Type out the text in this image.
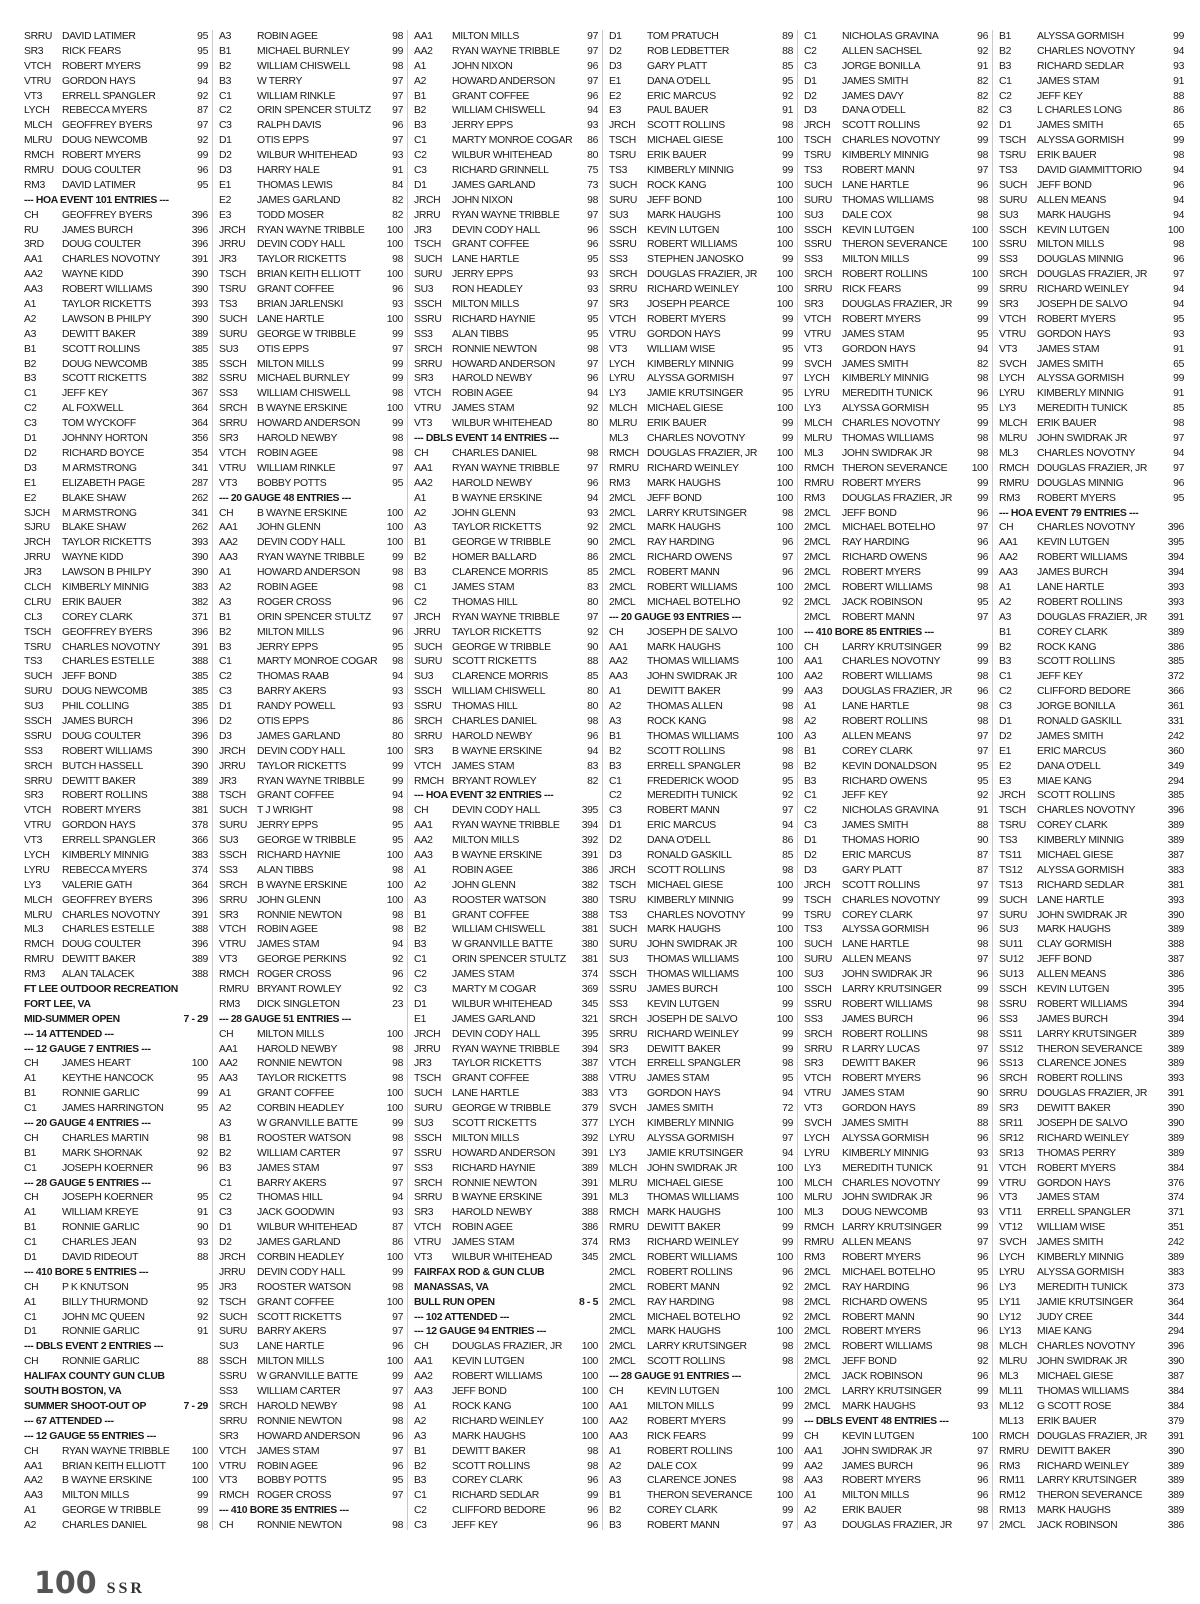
SRRU DAVID LATIMER	95
SR3	RICK FEARS	95
VTCH	ROBERT MYERS	99
VTRU	GORDON HAYS	94
VT3	ERRELL SPANGLER	92
LYCH	REBECCA MYERS	87
MLCH GEOFFREY BYERS	97
MLRU DOUG NEWCOMB	92
RMCH ROBERT MYERS	99
RMRU DOUG COULTER	96
RM3	DAVID LATIMER	95
--- HOA EVENT 101 ENTRIES ---
CH	GEOFFREY BYERS	396
RU	JAMES BURCH	396
3RD	DOUG COULTER	396
AA1	CHARLES NOVOTNY	391
AA2	WAYNE KIDD	390
AA3	ROBERT WILLIAMS	390
A1	TAYLOR RICKETTS	393
A2	LAWSON B PHILPY	390
A3	DEWITT BAKER	389
B1	SCOTT ROLLINS	385
B2	DOUG NEWCOMB	385
B3	SCOTT RICKETTS	382
C1	JEFF KEY	367
C2	AL FOXWELL	364
C3	TOM WYCKOFF	364
D1	JOHNNY HORTON	356
D2	RICHARD BOYCE	354
D3	M ARMSTRONG	341
E1	ELIZABETH PAGE	287
E2	BLAKE SHAW	262
SJCH	M ARMSTRONG	341
SJRU	BLAKE SHAW	262
JRCH	TAYLOR RICKETTS	393
JRRU	WAYNE KIDD	390
JR3	LAWSON B PHILPY	390
CLCH	KIMBERLY MINNIG	383
CLRU	ERIK BAUER	382
CL3	COREY CLARK	371
TSCH	GEOFFREY BYERS	396
TSRU	CHARLES NOVOTNY	391
TS3	CHARLES ESTELLE	388
SUCH JEFF BOND	385
SURU DOUG NEWCOMB	385
SU3	PHIL COLLING	385
SSCH	JAMES BURCH	396
SSRU	DOUG COULTER	396
SS3	ROBERT WILLIAMS	390
SRCH BUTCH HASSELL	390
SRRU DEWITT BAKER	389
SR3	ROBERT ROLLINS	388
VTCH	ROBERT MYERS	381
VTRU	GORDON HAYS	378
VT3	ERRELL SPANGLER	366
LYCH	KIMBERLY MINNIG	383
LYRU	REBECCA MYERS	374
LY3	VALERIE GATH	364
MLCH GEOFFREY BYERS	396
MLRU CHARLES NOVOTNY	391
ML3	CHARLES ESTELLE	388
RMCH DOUG COULTER	396
RMRU DEWITT BAKER	389
RM3	ALAN TALACEK	388
FT LEE OUTDOOR RECREATION
FORT LEE, VA
MID-SUMMER OPEN	7 - 29
--- 14 ATTENDED ---
--- 12 GAUGE 7 ENTRIES ---
CH	JAMES HEART	100
A1	KEYTHE HANCOCK	95
B1	RONNIE GARLIC	99
C1	JAMES HARRINGTON	95
--- 20 GAUGE 4 ENTRIES ---
CH	CHARLES MARTIN	98
B1	MARK SHORNAK	92
C1	JOSEPH KOERNER	96
--- 28 GAUGE 5 ENTRIES ---
CH	JOSEPH KOERNER	95
A1	WILLIAM KREYE	91
B1	RONNIE GARLIC	90
C1	CHARLES JEAN	93
D1	DAVID RIDEOUT	88
--- 410 BORE 5 ENTRIES ---
CH	P K KNUTSON	95
A1	BILLY THURMOND	92
C1	JOHN MC QUEEN	92
D1	RONNIE GARLIC	91
--- DBLS EVENT 2 ENTRIES ---
CH	RONNIE GARLIC	88
HALIFAX COUNTY GUN CLUB
SOUTH BOSTON, VA
SUMMER SHOOT-OUT OP	7 - 29
--- 67 ATTENDED ---
--- 12 GAUGE 55 ENTRIES ---
CH	RYAN WAYNE TRIBBLE	100
AA1	BRIAN KEITH ELLIOTT	100
AA2	B WAYNE ERSKINE	100
AA3	MILTON MILLS	99
A1	GEORGE W TRIBBLE	99
A2	CHARLES DANIEL	98
A3	ROBIN AGEE	98
B1	MICHAEL BURNLEY	99
B2	WILLIAM CHISWELL	98
B3	W TERRY	97
C1	WILLIAM RINKLE	97
C2	ORIN SPENCER STULTZ	97
C3	RALPH DAVIS	96
D1	OTIS EPPS	97
D2	WILBUR WHITEHEAD	93
D3	HARRY HALE	91
E1	THOMAS LEWIS	84
E2	JAMES GARLAND	82
E3	TODD MOSER	82
JRCH	RYAN WAYNE TRIBBLE	100
JRRU	DEVIN CODY HALL	100
JR3	TAYLOR RICKETTS	98
TSCH	BRIAN KEITH ELLIOTT	100
TSRU	GRANT COFFEE	96
TS3	BRIAN JARLENSKI	93
SUCH LANE HARTLE	100
SURU GEORGE W TRIBBLE	99
SU3	OTIS EPPS	97
SSCH	MILTON MILLS	99
SSRU	MICHAEL BURNLEY	99
SS3	WILLIAM CHISWELL	98
SRCH B WAYNE ERSKINE	100
SRRU HOWARD ANDERSON	99
SR3	HAROLD NEWBY	98
VTCH	ROBIN AGEE	98
VTRU	WILLIAM RINKLE	97
VT3	BOBBY POTTS	95
--- 20 GAUGE 48 ENTRIES ---
CH	B WAYNE ERSKINE	100
AA1	JOHN GLENN	100
AA2	DEVIN CODY HALL	100
AA3	RYAN WAYNE TRIBBLE	99
A1	HOWARD ANDERSON	98
A2	ROBIN AGEE	98
A3	ROGER CROSS	96
B1	ORIN SPENCER STULTZ	97
B2	MILTON MILLS	96
B3	JERRY EPPS	95
C1	MARTY MONROE COGAR	98
C2	THOMAS RAAB	94
C3	BARRY AKERS	93
D1	RANDY POWELL	93
D2	OTIS EPPS	86
D3	JAMES GARLAND	80
JRCH	DEVIN CODY HALL	100
JRRU	TAYLOR RICKETTS	99
JR3	RYAN WAYNE TRIBBLE	99
TSCH	GRANT COFFEE	94
SUCH T J WRIGHT	98
SURU JERRY EPPS	95
SU3	GEORGE W TRIBBLE	95
SSCH	RICHARD HAYNIE	100
SS3	ALAN TIBBS	98
SRCH B WAYNE ERSKINE	100
SRRU JOHN GLENN	100
SR3	RONNIE NEWTON	98
VTCH	ROBIN AGEE	98
VTRU	JAMES STAM	94
VT3	GEORGE PERKINS	92
RMCH ROGER CROSS	96
RMRU BRYANT ROWLEY	92
RM3	DICK SINGLETON	23
--- 28 GAUGE 51 ENTRIES ---
CH	MILTON MILLS	100
AA1	HAROLD NEWBY	98
AA2	RONNIE NEWTON	98
AA3	TAYLOR RICKETTS	98
A1	GRANT COFFEE	100
A2	CORBIN HEADLEY	100
A3	W GRANVILLE BATTE	99
B1	ROOSTER WATSON	98
B2	WILLIAM CARTER	97
B3	JAMES STAM	97
C1	BARRY AKERS	97
C2	THOMAS HILL	94
C3	JACK GOODWIN	93
D1	WILBUR WHITEHEAD	87
D2	JAMES GARLAND	86
JRCH	CORBIN HEADLEY	100
JRRU	DEVIN CODY HALL	99
JR3	ROOSTER WATSON	98
TSCH	GRANT COFFEE	100
SUCH SCOTT RICKETTS	97
SURU BARRY AKERS	97
SU3	LANE HARTLE	96
SSCH	MILTON MILLS	100
SSRU	W GRANVILLE BATTE	99
SS3	WILLIAM CARTER	97
SRCH HAROLD NEWBY	98
SRRU RONNIE NEWTON	98
SR3	HOWARD ANDERSON	96
VTCH	JAMES STAM	97
VTRU	ROBIN AGEE	96
VT3	BOBBY POTTS	95
RMCH ROGER CROSS	97
--- 410 BORE 35 ENTRIES ---
CH	RONNIE NEWTON	98
AA1	MILTON MILLS	97
AA2	RYAN WAYNE TRIBBLE	97
A1	JOHN NIXON	96
A2	HOWARD ANDERSON	97
B1	GRANT COFFEE	96
B2	WILLIAM CHISWELL	94
B3	JERRY EPPS	93
C1	MARTY MONROE COGAR	86
C2	WILBUR WHITEHEAD	80
C3	RICHARD GRINNELL	75
D1	JAMES GARLAND	73
JRCH	JOHN NIXON	98
JRRU	RYAN WAYNE TRIBBLE	97
JR3	DEVIN CODY HALL	96
TSCH	GRANT COFFEE	96
SUCH LANE HARTLE	95
SURU JERRY EPPS	93
SU3	RON HEADLEY	93
SSCH	MILTON MILLS	97
SSRU	RICHARD HAYNIE	95
SS3	ALAN TIBBS	95
SRCH RONNIE NEWTON	98
SRRU HOWARD ANDERSON	97
SR3	HAROLD NEWBY	96
VTCH	ROBIN AGEE	94
VTRU	JAMES STAM	92
VT3	WILBUR WHITEHEAD	80
--- DBLS EVENT 14 ENTRIES ---
CH	CHARLES DANIEL	98
AA1	RYAN WAYNE TRIBBLE	97
AA2	HAROLD NEWBY	96
A1	B WAYNE ERSKINE	94
A2	JOHN GLENN	93
A3	TAYLOR RICKETTS	92
B1	GEORGE W TRIBBLE	90
B2	HOMER BALLARD	86
B3	CLARENCE MORRIS	85
C1	JAMES STAM	83
C2	THOMAS HILL	80
JRCH	RYAN WAYNE TRIBBLE	97
JRRU	TAYLOR RICKETTS	92
SUCH GEORGE W TRIBBLE	90
SURU SCOTT RICKETTS	88
SU3	CLARENCE MORRIS	85
SSCH	WILLIAM CHISWELL	80
SSRU	THOMAS HILL	80
SRCH CHARLES DANIEL	98
SRRU HAROLD NEWBY	96
SR3	B WAYNE ERSKINE	94
VTCH	JAMES STAM	83
RMCH BRYANT ROWLEY	82
--- HOA EVENT 32 ENTRIES ---
CH	DEVIN CODY HALL	395
AA1	RYAN WAYNE TRIBBLE	394
AA2	MILTON MILLS	392
AA3	B WAYNE ERSKINE	391
A1	ROBIN AGEE	386
A2	JOHN GLENN	382
A3	ROOSTER WATSON	380
B1	GRANT COFFEE	388
B2	WILLIAM CHISWELL	381
B3	W GRANVILLE BATTE	380
C1	ORIN SPENCER STULTZ	381
C2	JAMES STAM	374
C3	MARTY M COGAR	369
D1	WILBUR WHITEHEAD	345
E1	JAMES GARLAND	321
JRCH	DEVIN CODY HALL	395
JRRU	RYAN WAYNE TRIBBLE	394
JR3	TAYLOR RICKETTS	387
TSCH	GRANT COFFEE	388
SUCH LANE HARTLE	383
SURU GEORGE W TRIBBLE	379
SU3	SCOTT RICKETTS	377
SSCH	MILTON MILLS	392
SSRU	HOWARD ANDERSON	391
SS3	RICHARD HAYNIE	389
SRCH RONNIE NEWTON	391
SRRU B WAYNE ERSKINE	391
SR3	HAROLD NEWBY	388
VTCH	ROBIN AGEE	386
VTRU	JAMES STAM	374
VT3	WILBUR WHITEHEAD	345
FAIRFAX ROD & GUN CLUB
MANASSAS, VA
BULL RUN OPEN	8 - 5
--- 102 ATTENDED ---
--- 12 GAUGE 94 ENTRIES ---
CH	DOUGLAS FRAZIER, JR	100
AA1	KEVIN LUTGEN	100
AA2	ROBERT WILLIAMS	100
AA3	JEFF BOND	100
A1	ROCK KANG	100
A2	RICHARD WEINLEY	100
A3	MARK HAUGHS	100
B1	DEWITT BAKER	98
B2	SCOTT ROLLINS	98
B3	COREY CLARK	96
C1	RICHARD SEDLAR	99
C2	CLIFFORD BEDORE	96
C3	JEFF KEY	96
D1	TOM PRATUCH	89
D2	ROB LEDBETTER	88
D3	GARY PLATT	85
E1	DANA O'DELL	95
E2	ERIC MARCUS	92
E3	PAUL BAUER	91
JRCH	SCOTT ROLLINS	98
TSCH	MICHAEL GIESE	100
TSRU	ERIK BAUER	99
TS3	KIMBERLY MINNIG	99
SUCH ROCK KANG	100
SURU JEFF BOND	100
SU3	MARK HAUGHS	100
SSCH	KEVIN LUTGEN	100
SSRU	ROBERT WILLIAMS	100
SS3	STEPHEN JANOSKO	99
SRCH DOUGLAS FRAZIER, JR	100
SRRU RICHARD WEINLEY	100
SR3	JOSEPH PEARCE	100
VTCH	ROBERT MYERS	99
VTRU	GORDON HAYS	99
VT3	WILLIAM WISE	95
LYCH	KIMBERLY MINNIG	99
LYRU	ALYSSA GORMISH	97
LY3	JAMIE KRUTSINGER	95
MLCH MICHAEL GIESE	100
MLRU ERIK BAUER	99
ML3	CHARLES NOVOTNY	99
RMCH DOUGLAS FRAZIER, JR	100
RMRU RICHARD WEINLEY	100
RM3	MARK HAUGHS	100
2MCL	JEFF BOND	100
2MCL	LARRY KRUTSINGER	98
2MCL	MARK HAUGHS	100
2MCL	RAY HARDING	96
2MCL	RICHARD OWENS	97
2MCL	ROBERT MANN	96
2MCL	ROBERT WILLIAMS	100
2MCL	MICHAEL BOTELHO	92
--- 20 GAUGE 93 ENTRIES ---
CH	JOSEPH DE SALVO	100
AA1	MARK HAUGHS	100
AA2	THOMAS WILLIAMS	100
AA3	JOHN SWIDRAK JR	100
A1	DEWITT BAKER	99
A2	THOMAS ALLEN	98
A3	ROCK KANG	98
B1	THOMAS WILLIAMS	100
B2	SCOTT ROLLINS	98
B3	ERRELL SPANGLER	98
C1	FREDERICK WOOD	95
C2	MEREDITH TUNICK	92
C3	ROBERT MANN	97
D1	ERIC MARCUS	94
D2	DANA O'DELL	86
D3	RONALD GASKILL	85
JRCH	SCOTT ROLLINS	98
TSCH	MICHAEL GIESE	100
TSRU	KIMBERLY MINNIG	99
TS3	CHARLES NOVOTNY	99
SUCH MARK HAUGHS	100
SURU JOHN SWIDRAK JR	100
SU3	THOMAS WILLIAMS	100
SSCH	THOMAS WILLIAMS	100
SSRU	JAMES BURCH	100
SS3	KEVIN LUTGEN	99
SRCH JOSEPH DE SALVO	100
SRRU RICHARD WEINLEY	99
SR3	DEWITT BAKER	99
VTCH	ERRELL SPANGLER	98
VTRU	JAMES STAM	95
VT3	GORDON HAYS	94
SVCH	JAMES SMITH	72
LYCH	KIMBERLY MINNIG	99
LYRU	ALYSSA GORMISH	97
LY3	JAMIE KRUTSINGER	94
MLCH JOHN SWIDRAK JR	100
MLRU MICHAEL GIESE	100
ML3	THOMAS WILLIAMS	100
RMCH MARK HAUGHS	100
RMRU DEWITT BAKER	99
RM3	RICHARD WEINLEY	99
2MCL	ROBERT WILLIAMS	100
2MCL	ROBERT ROLLINS	96
2MCL	ROBERT MANN	92
2MCL	RAY HARDING	98
2MCL	MICHAEL BOTELHO	92
2MCL	MARK HAUGHS	100
2MCL	LARRY KRUTSINGER	98
2MCL	SCOTT ROLLINS	98
--- 28 GAUGE 91 ENTRIES ---
CH	KEVIN LUTGEN	100
AA1	MILTON MILLS	99
AA2	ROBERT MYERS	99
AA3	RICK FEARS	99
A1	ROBERT ROLLINS	100
A2	DALE COX	99
A3	CLARENCE JONES	98
B1	THERON SEVERANCE	100
B2	COREY CLARK	99
B3	ROBERT MANN	97
C1	NICHOLAS GRAVINA	96
C2	ALLEN SACHSEL	92
C3	JORGE BONILLA	91
D1	JAMES SMITH	82
D2	JAMES DAVY	82
D3	DANA O'DELL	82
JRCH	SCOTT ROLLINS	92
TSCH	CHARLES NOVOTNY	99
TSRU	KIMBERLY MINNIG	98
TS3	ROBERT MANN	97
SUCH LANE HARTLE	96
SURU THOMAS WILLIAMS	98
SU3	DALE COX	98
SSCH	KEVIN LUTGEN	100
SSRU	THERON SEVERANCE	100
SS3	MILTON MILLS	99
SRCH ROBERT ROLLINS	100
SRRU RICK FEARS	99
SR3	DOUGLAS FRAZIER, JR	99
VTCH	ROBERT MYERS	99
VTRU	JAMES STAM	95
VT3	GORDON HAYS	94
SVCH	JAMES SMITH	82
LYCH	KIMBERLY MINNIG	98
LYRU	MEREDITH TUNICK	96
LY3	ALYSSA GORMISH	95
MLCH CHARLES NOVOTNY	99
MLRU THOMAS WILLIAMS	98
ML3	JOHN SWIDRAK JR	98
RMCH THERON SEVERANCE	100
RMRU ROBERT MYERS	99
RM3	DOUGLAS FRAZIER, JR	99
2MCL	JEFF BOND	96
2MCL	MICHAEL BOTELHO	97
2MCL	RAY HARDING	96
2MCL	RICHARD OWENS	96
2MCL	ROBERT MYERS	99
2MCL	ROBERT WILLIAMS	98
2MCL	JACK ROBINSON	95
2MCL	ROBERT MANN	97
--- 410 BORE 85 ENTRIES ---
CH	LARRY KRUTSINGER	99
AA1	CHARLES NOVOTNY	99
AA2	ROBERT WILLIAMS	98
AA3	DOUGLAS FRAZIER, JR	96
A1	LANE HARTLE	98
A2	ROBERT ROLLINS	98
A3	ALLEN MEANS	97
B1	COREY CLARK	97
B2	KEVIN DONALDSON	95
B3	RICHARD OWENS	95
C1	JEFF KEY	92
C2	NICHOLAS GRAVINA	91
C3	JAMES SMITH	88
D1	THOMAS HORIO	90
D2	ERIC MARCUS	87
D3	GARY PLATT	87
JRCH	SCOTT ROLLINS	97
TSCH	CHARLES NOVOTNY	99
TSRU	COREY CLARK	97
TS3	ALYSSA GORMISH	96
SUCH LANE HARTLE	98
SURU ALLEN MEANS	97
SU3	JOHN SWIDRAK JR	96
SSCH	LARRY KRUTSINGER	99
SSRU	ROBERT WILLIAMS	98
SS3	JAMES BURCH	96
SRCH ROBERT ROLLINS	98
SRRU R LARRY LUCAS	97
SR3	DEWITT BAKER	96
VTCH	ROBERT MYERS	96
VTRU	JAMES STAM	90
VT3	GORDON HAYS	89
SVCH	JAMES SMITH	88
LYCH	ALYSSA GORMISH	96
LYRU	KIMBERLY MINNIG	93
LY3	MEREDITH TUNICK	91
MLCH CHARLES NOVOTNY	99
MLRU JOHN SWIDRAK JR	96
ML3	DOUG NEWCOMB	93
RMCH LARRY KRUTSINGER	99
RMRU ALLEN MEANS	97
RM3	ROBERT MYERS	96
2MCL	MICHAEL BOTELHO	95
2MCL	RAY HARDING	96
2MCL	RICHARD OWENS	95
2MCL	ROBERT MANN	90
2MCL	ROBERT MYERS	96
2MCL	ROBERT WILLIAMS	98
2MCL	JEFF BOND	92
2MCL	JACK ROBINSON	96
2MCL	LARRY KRUTSINGER	99
2MCL	MARK HAUGHS	93
--- DBLS EVENT 48 ENTRIES ---
CH	KEVIN LUTGEN	100
AA1	JOHN SWIDRAK JR	97
AA2	JAMES BURCH	96
AA3	ROBERT MYERS	96
A1	MILTON MILLS	96
A2	ERIK BAUER	98
A3	DOUGLAS FRAZIER, JR	97
B1	ALYSSA GORMISH	99
B2	CHARLES NOVOTNY	94
B3	RICHARD SEDLAR	93
C1	JAMES STAM	91
C2	JEFF KEY	88
C3	L CHARLES LONG	86
D1	JAMES SMITH	65
TSCH	ALYSSA GORMISH	99
TSRU	ERIK BAUER	98
TS3	DAVID GIAMMITTORIO	94
SUCH JEFF BOND	96
SURU ALLEN MEANS	94
SU3	MARK HAUGHS	94
SSCH	KEVIN LUTGEN	100
SSRU	MILTON MILLS	98
SS3	DOUGLAS MINNIG	96
SRCH DOUGLAS FRAZIER, JR	97
SRRU RICHARD WEINLEY	94
SR3	JOSEPH DE SALVO	94
VTCH	ROBERT MYERS	95
VTRU	GORDON HAYS	93
VT3	JAMES STAM	91
SVCH	JAMES SMITH	65
LYCH	ALYSSA GORMISH	99
LYRU	KIMBERLY MINNIG	91
LY3	MEREDITH TUNICK	85
MLCH ERIK BAUER	98
MLRU JOHN SWIDRAK JR	97
ML3	CHARLES NOVOTNY	94
RMCH DOUGLAS FRAZIER, JR	97
RMRU DOUGLAS MINNIG	96
RM3	ROBERT MYERS	95
--- HOA EVENT 79 ENTRIES ---
CH	CHARLES NOVOTNY	396
AA1	KEVIN LUTGEN	395
AA2	ROBERT WILLIAMS	394
AA3	JAMES BURCH	394
A1	LANE HARTLE	393
A2	ROBERT ROLLINS	393
A3	DOUGLAS FRAZIER, JR	391
B1	COREY CLARK	389
B2	ROCK KANG	386
B3	SCOTT ROLLINS	385
C1	JEFF KEY	372
C2	CLIFFORD BEDORE	366
C3	JORGE BONILLA	361
D1	RONALD GASKILL	331
D2	JAMES SMITH	242
E1	ERIC MARCUS	360
E2	DANA O'DELL	349
E3	MIAE KANG	294
JRCH	SCOTT ROLLINS	385
TSCH	CHARLES NOVOTNY	396
TSRU	COREY CLARK	389
TS3	KIMBERLY MINNIG	389
TS11	MICHAEL GIESE	387
TS12	ALYSSA GORMISH	383
TS13	RICHARD SEDLAR	381
SUCH LANE HARTLE	393
SURU JOHN SWIDRAK JR	390
SU3	MARK HAUGHS	389
SU11	CLAY GORMISH	388
SU12	JEFF BOND	387
SU13	ALLEN MEANS	386
SSCH	KEVIN LUTGEN	395
SSRU	ROBERT WILLIAMS	394
SS3	JAMES BURCH	394
SS11	LARRY KRUTSINGER	389
SS12	THERON SEVERANCE	389
SS13	CLARENCE JONES	389
SRCH ROBERT ROLLINS	393
SRRU DOUGLAS FRAZIER, JR	391
SR3	DEWITT BAKER	390
SR11	JOSEPH DE SALVO	390
SR12	RICHARD WEINLEY	389
SR13	THOMAS PERRY	389
VTCH	ROBERT MYERS	384
VTRU	GORDON HAYS	376
VT3	JAMES STAM	374
VT11	ERRELL SPANGLER	371
VT12	WILLIAM WISE	351
SVCH	JAMES SMITH	242
LYCH	KIMBERLY MINNIG	389
LYRU	ALYSSA GORMISH	383
LY3	MEREDITH TUNICK	373
LY11	JAMIE KRUTSINGER	364
LY12	JUDY CREE	344
LY13	MIAE KANG	294
MLCH CHARLES NOVOTNY	396
MLRU JOHN SWIDRAK JR	390
ML3	MICHAEL GIESE	387
ML11	THOMAS WILLIAMS	384
ML12	G SCOTT ROSE	384
ML13	ERIK BAUER	379
RMCH DOUGLAS FRAZIER, JR	391
RMRU DEWITT BAKER	390
RM3	RICHARD WEINLEY	389
RM11	LARRY KRUTSINGER	389
RM12	THERON SEVERANCE	389
RM13	MARK HAUGHS	389
2MCL	JACK ROBINSON	386
100 SSR
